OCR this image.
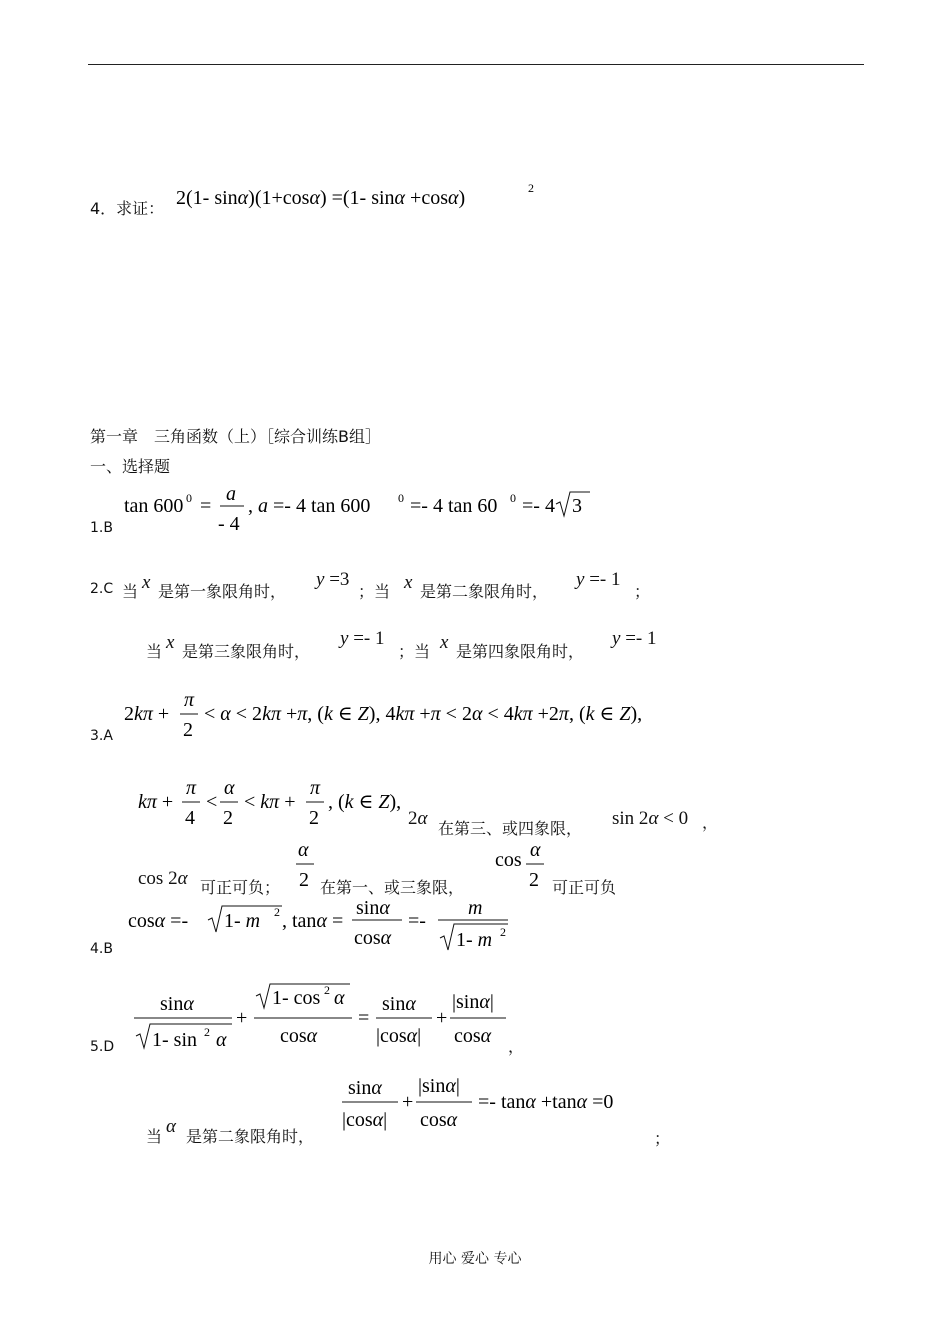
4．求证： 2(1- sinα)(1+cosα) =(1- sinα +cosα)	2
第一章　三角函数（上）［综合训练B组］
一、选择题
1.B
tan 600 0 =
a
- 4
, a =- 4 tan 600 0 =- 4 tan 60 0 =- 4 3
2.C 当 x 是第一象限角时，
y =3
；当 x 是第二象限角时，
y =- 1
；
当 x 是第三象限角时，
y =- 1
；当 x 是第四象限角时，
y =- 1
3.A
2kπ +
π
2
< α < 2kπ +π, (k ∈ Z), 4kπ +π < 2α < 4kπ +2π, (k ∈ Z),
kπ +
π
4
<
α
2
< kπ +
π
2
, (k ∈ Z),
2α 在第三、或四象限， sin 2α < 0 ，
cos 2α 可正可负；
α
2 在第一、或三象限，
cos α
2 可正可负
4.B
cosα =- 1- m 2 , tanα =
sinα
cosα
=-
m
1- m 2
5.D
sinα
1- sin 2 α
+
1- cos 2 α
cosα
=
sinα
|cosα|
+
|sinα|
cosα ，
当 α 是第二象限角时，
sinα
|cosα|
+
|sinα|
cosα
=- tanα +tanα =0
；
用心 爱心 专心
